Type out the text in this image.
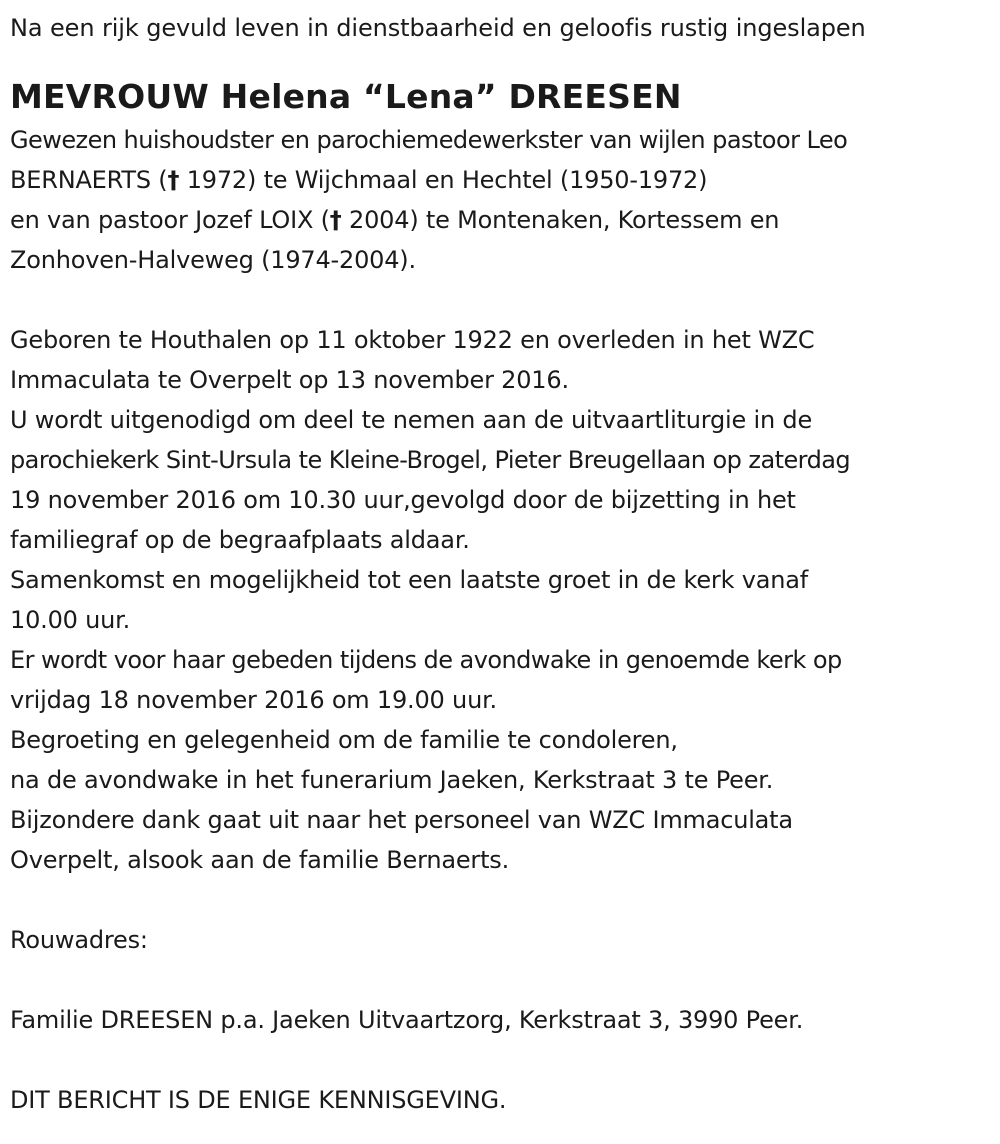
Na een rijk gevuld leven in dienstbaarheid en geloofis rustig ingeslapen
MEVROUW Helena “Lena” DREESEN
Gewezen huishoudster en parochiemedewerkster van wijlen pastoor Leo
BERNAERTS († 1972) te Wijchmaal en Hechtel (1950-1972)
en van pastoor Jozef LOIX († 2004) te Montenaken, Kortessem en
Zonhoven-Halveweg (1974-2004).
Geboren te Houthalen op 11 oktober 1922 en overleden in het WZC
Immaculata te Overpelt op 13 november 2016.
U wordt uitgenodigd om deel te nemen aan de uitvaartliturgie in de
parochiekerk Sint-Ursula te Kleine-Brogel, Pieter Breugellaan op zaterdag
19 november 2016 om 10.30 uur,gevolgd door de bijzetting in het
familiegraf op de begraafplaats aldaar.
Samenkomst en mogelijkheid tot een laatste groet in de kerk vanaf
10.00 uur.
Er wordt voor haar gebeden tijdens de avondwake in genoemde kerk op
vrijdag 18 november 2016 om 19.00 uur.
Begroeting en gelegenheid om de familie te condoleren,
na de avondwake in het funerarium Jaeken, Kerkstraat 3 te Peer.
Bijzondere dank gaat uit naar het personeel van WZC Immaculata
Overpelt, alsook aan de familie Bernaerts.
Rouwadres:
Familie DREESEN p.a. Jaeken Uitvaartzorg, Kerkstraat 3, 3990 Peer.
DIT BERICHT IS DE ENIGE KENNISGEVING.
